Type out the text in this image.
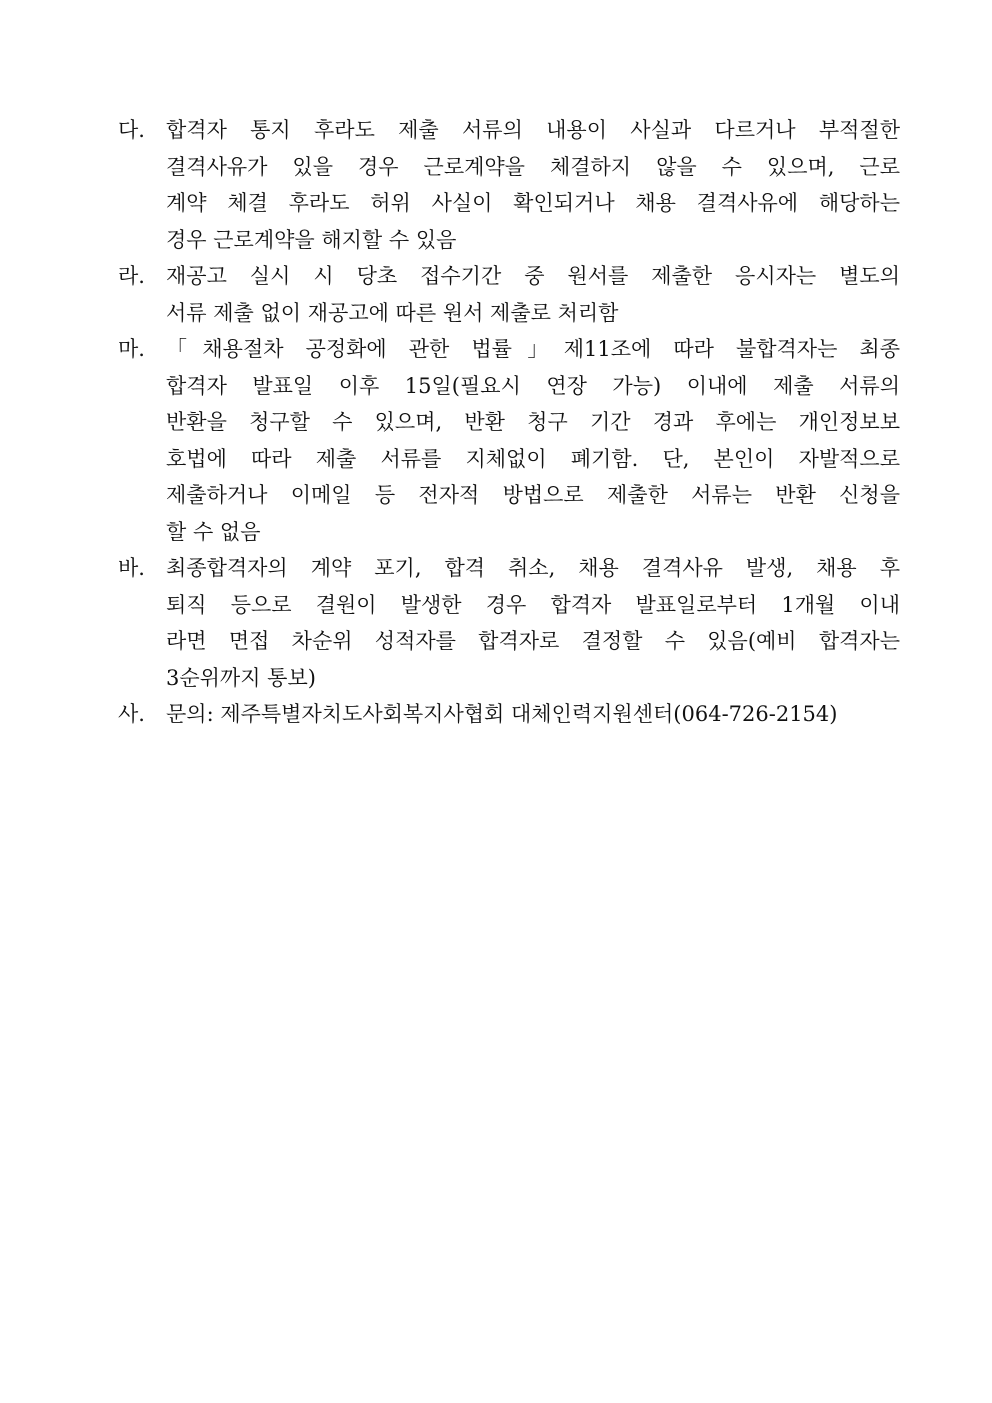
다.	합격자 통지 후라도 제출 서류의 내용이 사실과 다르거나 부적절한
결격사유가 있을 경우 근로계약을 체결하지 않을 수 있으며, 근로
계약 체결 후라도 허위 사실이 확인되거나 채용 결격사유에 해당하는
경우 근로계약을 해지할 수 있음
라.	재공고 실시 시 당초 접수기간 중 원서를 제출한 응시자는 별도의
서류 제출 없이 재공고에 따른 원서 제출로 처리함
마.	「채용절차 공정화에 관한 법률」제11조에 따라 불합격자는 최종
합격자 발표일 이후 15일(필요시 연장 가능) 이내에 제출 서류의
반환을 청구할 수 있으며, 반환 청구 기간 경과 후에는 개인정보보
호법에 따라 제출 서류를 지체없이 폐기함. 단, 본인이 자발적으로
제출하거나 이메일 등 전자적 방법으로 제출한 서류는 반환 신청을
할 수 없음
바.	최종합격자의 계약 포기, 합격 취소, 채용 결격사유 발생, 채용 후
퇴직 등으로 결원이 발생한 경우 합격자 발표일로부터 1개월 이내
라면 면접 차순위 성적자를 합격자로 결정할 수 있음(예비 합격자는
3순위까지 통보)
사.	문의: 제주특별자치도사회복지사협회 대체인력지원센터(064-726-2154)
